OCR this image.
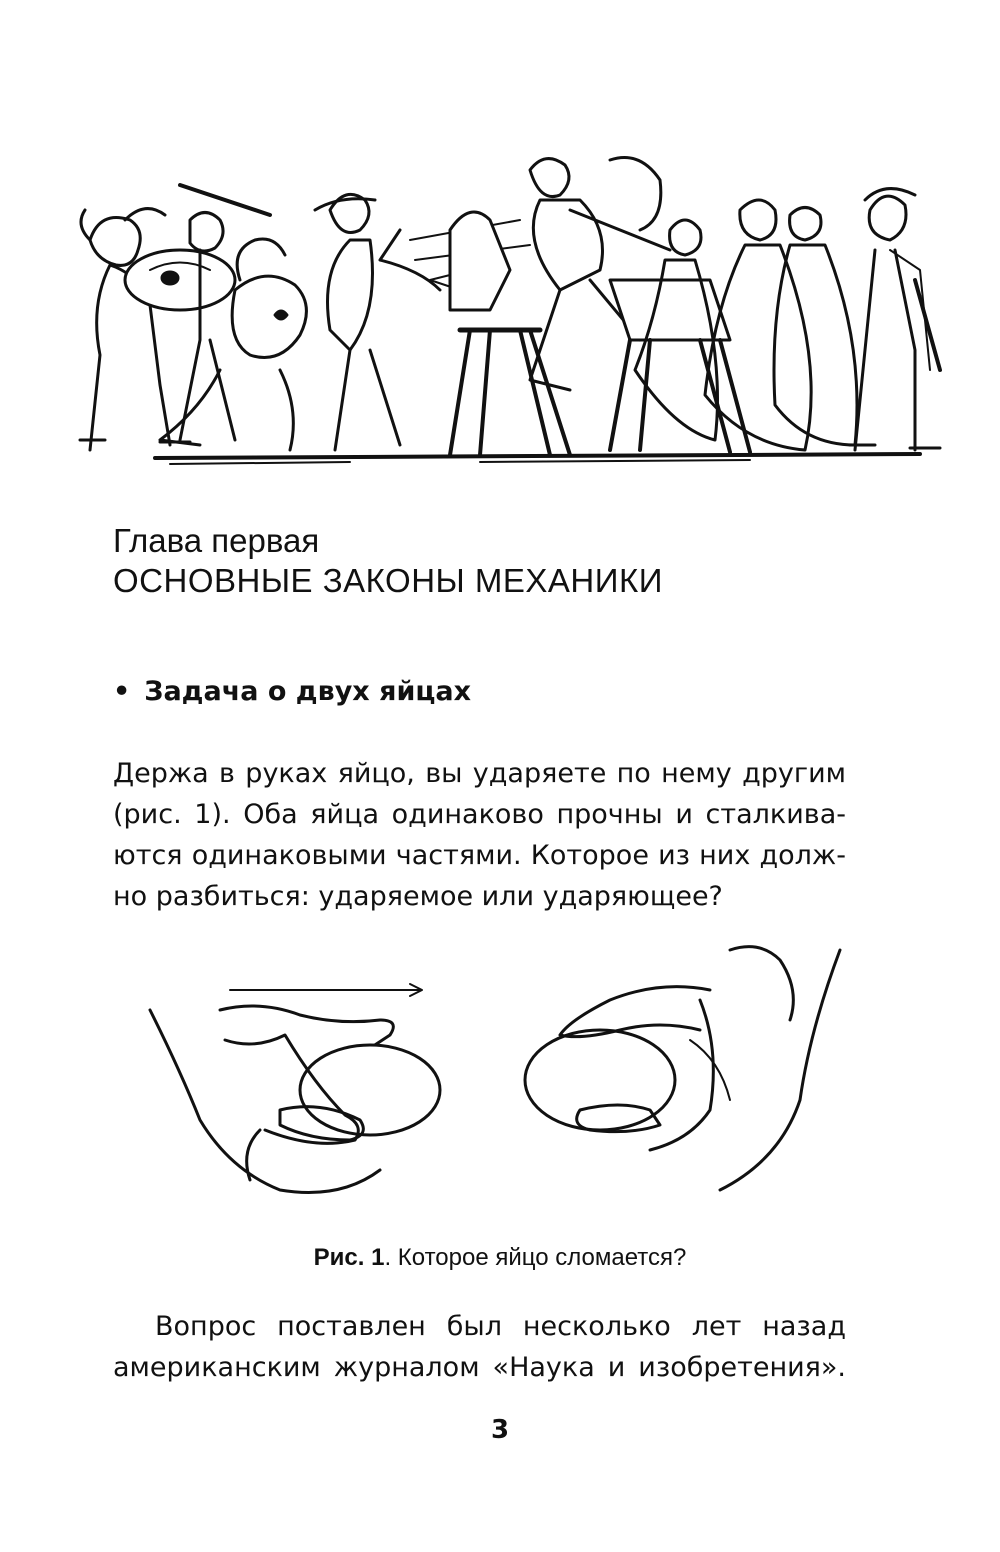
Глава первая
ОСНОВНЫЕ ЗАКОНЫ МЕХАНИКИ
• Задача о двух яйцах
Держа в руках яйцо, вы ударяете по нему другим
(рис. 1). Оба яйца одинаково прочны и сталкива-
ются одинаковыми частями. Которое из них долж-
но разбиться: ударяемое или ударяющее?
Рис. 1. Которое яйцо сломается?
Вопрос поставлен был несколько лет назад
американским журналом «Наука и изобретения».
3
